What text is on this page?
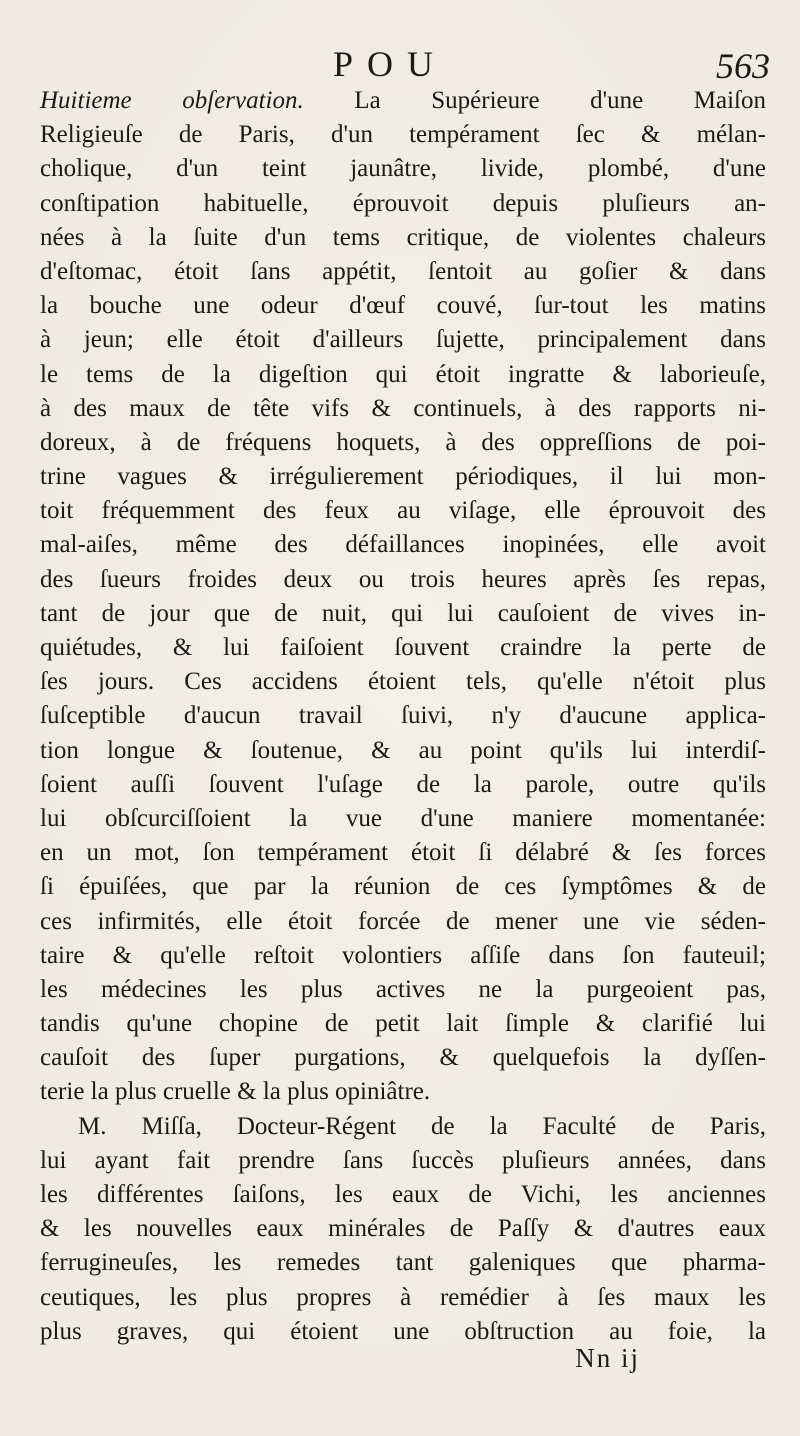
POU	563
Huitieme obſervation. La Supérieure d'une Maiſon
Religieuſe de Paris, d'un tempérament ſec & mélan-
cholique, d'un teint jaunâtre, livide, plombé, d'une
conſtipation habituelle, éprouvoit depuis pluſieurs an-
nées à la ſuite d'un tems critique, de violentes chaleurs
d'eſtomac, étoit ſans appétit, ſentoit au goſier & dans
la bouche une odeur d'œuf couvé, ſur-tout les matins
à jeun; elle étoit d'ailleurs ſujette, principalement dans
le tems de la digeſtion qui étoit ingratte & laborieuſe,
à des maux de tête vifs & continuels, à des rapports ni-
doreux, à de fréquens hoquets, à des oppreſſions de poi-
trine vagues & irrégulierement périodiques, il lui mon-
toit fréquemment des feux au viſage, elle éprouvoit des
mal-aiſes, même des défaillances inopinées, elle avoit
des ſueurs froides deux ou trois heures après ſes repas,
tant de jour que de nuit, qui lui cauſoient de vives in-
quiétudes, & lui faiſoient ſouvent craindre la perte de
ſes jours. Ces accidens étoient tels, qu'elle n'étoit plus
ſuſceptible d'aucun travail ſuivi, n'y d'aucune applica-
tion longue & ſoutenue, & au point qu'ils lui interdiſ-
ſoient auſſi ſouvent l'uſage de la parole, outre qu'ils
lui obſcurciſſoient la vue d'une maniere momentanée:
en un mot, ſon tempérament étoit ſi délabré & ſes forces
ſi épuiſées, que par la réunion de ces ſymptômes & de
ces infirmités, elle étoit forcée de mener une vie séden-
taire & qu'elle reſtoit volontiers aſſiſe dans ſon fauteuil;
les médecines les plus actives ne la purgeoient pas,
tandis qu'une chopine de petit lait ſimple & clarifié lui
cauſoit des ſuper purgations, & quelquefois la dyſſen-
terie la plus cruelle & la plus opiniâtre.
M. Miſſa, Docteur-Régent de la Faculté de Paris,
lui ayant fait prendre ſans ſuccès pluſieurs années, dans
les différentes ſaiſons, les eaux de Vichi, les anciennes
& les nouvelles eaux minérales de Paſſy & d'autres eaux
ferrugineuſes, les remedes tant galeniques que pharma-
ceutiques, les plus propres à remédier à ſes maux les
plus graves, qui étoient une obſtruction au foie, la
Nn ij
